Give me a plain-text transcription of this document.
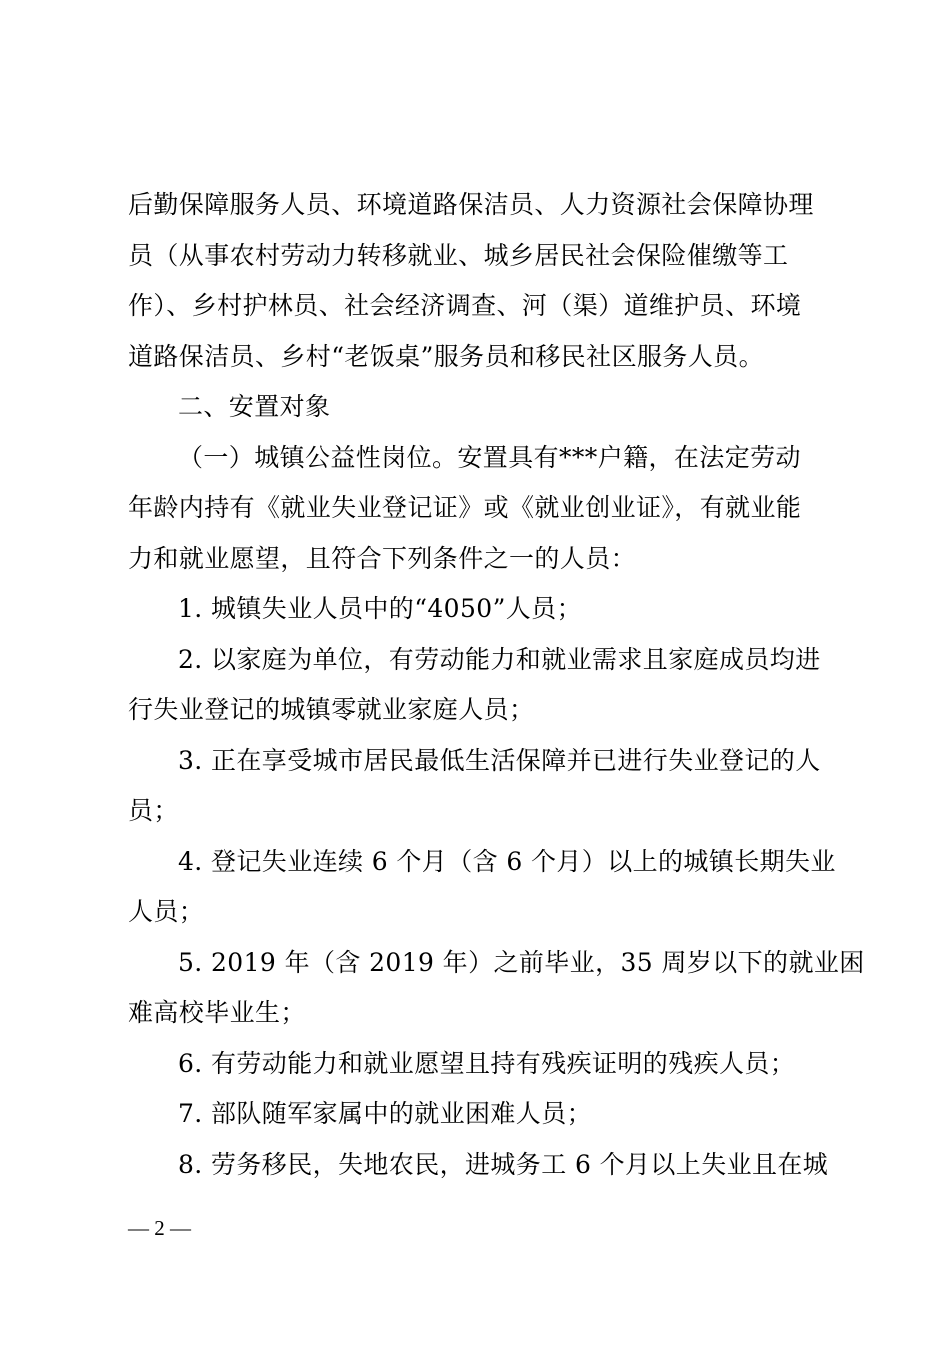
后勤保障服务人员、环境道路保洁员、人力资源社会保障协理
员（从事农村劳动力转移就业、城乡居民社会保险催缴等工
作）、乡村护林员、社会经济调查、河（渠）道维护员、环境
道路保洁员、乡村“老饭桌”服务员和移民社区服务人员。
二、安置对象
（一）城镇公益性岗位。安置具有***户籍，在法定劳动
年龄内持有《就业失业登记证》或《就业创业证》，有就业能
力和就业愿望，且符合下列条件之一的人员：
1. 城镇失业人员中的“4050”人员；
2. 以家庭为单位，有劳动能力和就业需求且家庭成员均进
行失业登记的城镇零就业家庭人员；
3. 正在享受城市居民最低生活保障并已进行失业登记的人
员；
4. 登记失业连续 6 个月（含 6 个月）以上的城镇长期失业
人员；
5. 2019 年（含 2019 年）之前毕业，35 周岁以下的就业困
难高校毕业生；
6. 有劳动能力和就业愿望且持有残疾证明的残疾人员；
7. 部队随军家属中的就业困难人员；
8. 劳务移民，失地农民，进城务工 6 个月以上失业且在城
— 2 —
